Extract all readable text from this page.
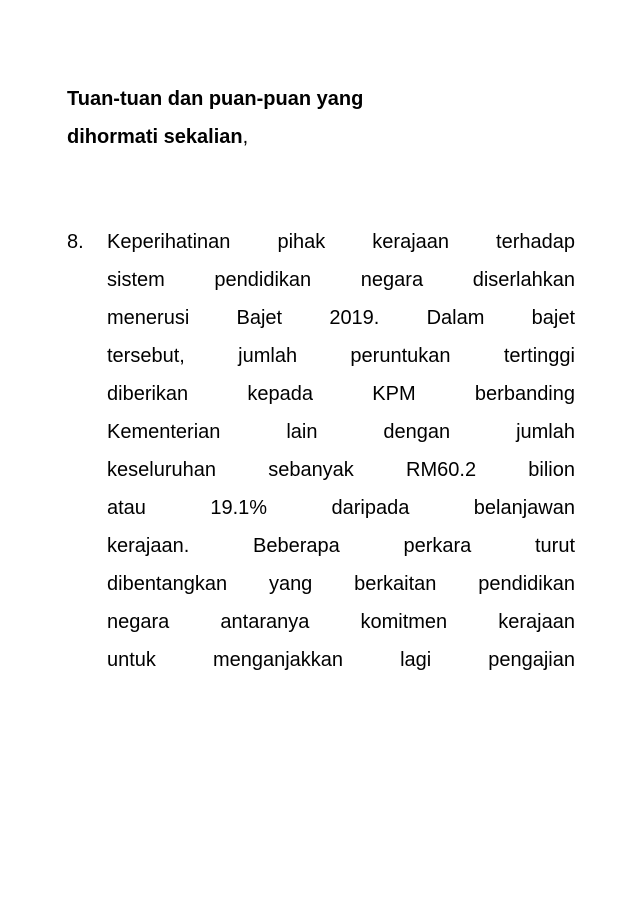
Tuan-tuan dan puan-puan yang
dihormati sekalian,
8.	Keperihatinan pihak kerajaan terhadap
sistem pendidikan negara diserlahkan
menerusi Bajet 2019. Dalam bajet
tersebut, jumlah peruntukan tertinggi
diberikan kepada KPM berbanding
Kementerian lain dengan jumlah
keseluruhan sebanyak RM60.2 bilion
atau 19.1% daripada belanjawan
kerajaan. Beberapa perkara turut
dibentangkan yang berkaitan pendidikan
negara antaranya komitmen kerajaan
untuk menganjakkan lagi pengajian
